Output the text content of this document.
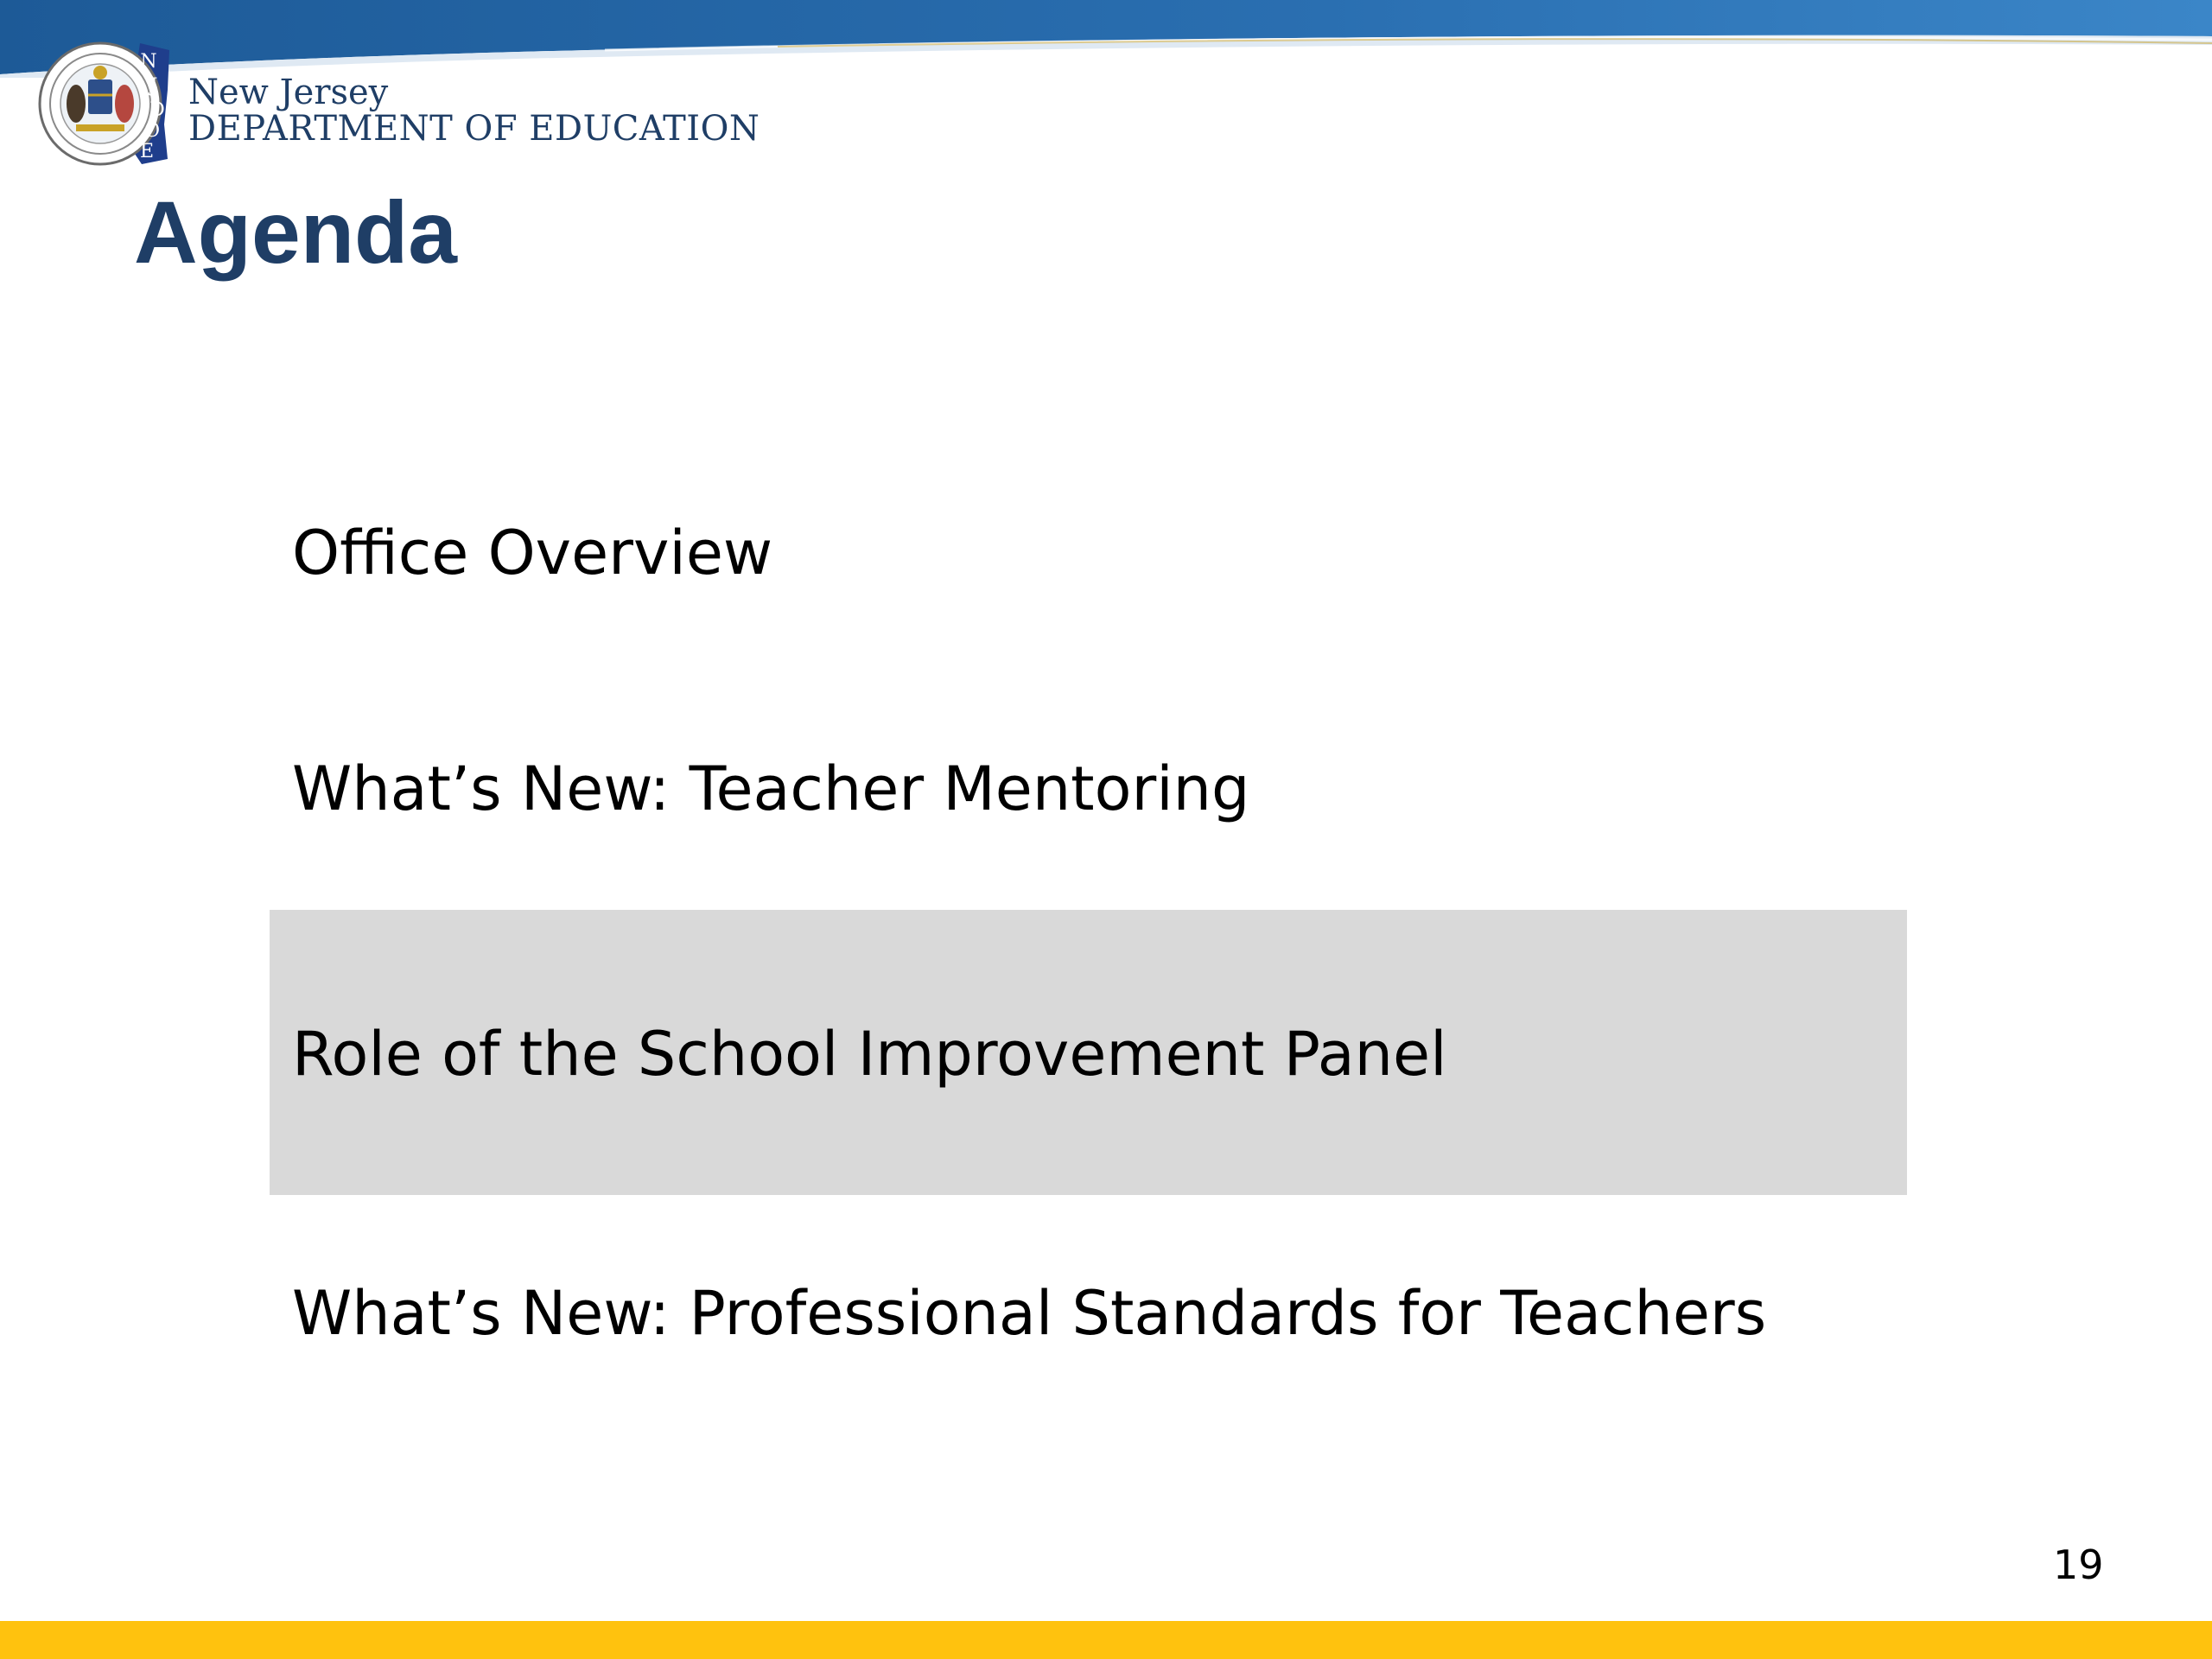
N
J
D
O
E
New Jersey
DEPARTMENT OF EDUCATION
Agenda
Office Overview
What’s New: Teacher Mentoring
Role of the School Improvement Panel
What’s New: Professional Standards for Teachers
19
